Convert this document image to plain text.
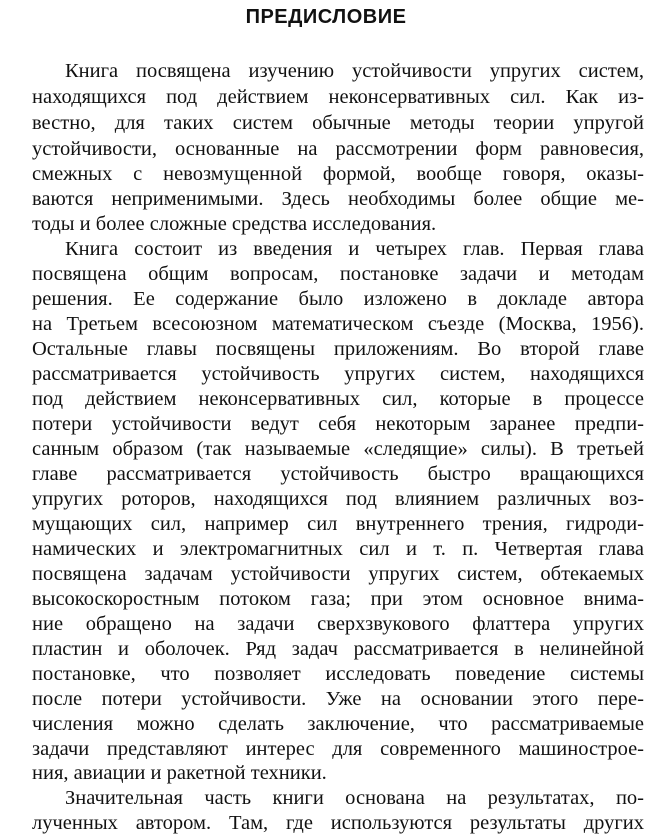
ПРЕДИСЛОВИЕ
Книга посвящена изучению устойчивости упругих систем,
находящихся под действием неконсервативных сил. Как из-
вестно, для таких систем обычные методы теории упругой
устойчивости, основанные на рассмотрении форм равновесия,
смежных с невозмущенной формой, вообще говоря, оказы-
ваются неприменимыми. Здесь необходимы более общие ме-
тоды и более сложные средства исследования.
Книга состоит из введения и четырех глав. Первая глава
посвящена общим вопросам, постановке задачи и методам
решения. Ее содержание было изложено в докладе автора
на Третьем всесоюзном математическом съезде (Москва, 1956).
Остальные главы посвящены приложениям. Во второй главе
рассматривается устойчивость упругих систем, находящихся
под действием неконсервативных сил, которые в процессе
потери устойчивости ведут себя некоторым заранее предпи-
санным образом (так называемые «следящие» силы). В третьей
главе рассматривается устойчивость быстро вращающихся
упругих роторов, находящихся под влиянием различных воз-
мущающих сил, например сил внутреннего трения, гидроди-
намических и электромагнитных сил и т. п. Четвертая глава
посвящена задачам устойчивости упругих систем, обтекаемых
высокоскоростным потоком газа; при этом основное внима-
ние обращено на задачи сверхзвукового флаттера упругих
пластин и оболочек. Ряд задач рассматривается в нелинейной
постановке, что позволяет исследовать поведение системы
после потери устойчивости. Уже на основании этого пере-
числения можно сделать заключение, что рассматриваемые
задачи представляют интерес для современного машинострое-
ния, авиации и ракетной техники.
Значительная часть книги основана на результатах, по-
лученных автором. Там, где используются результаты других
